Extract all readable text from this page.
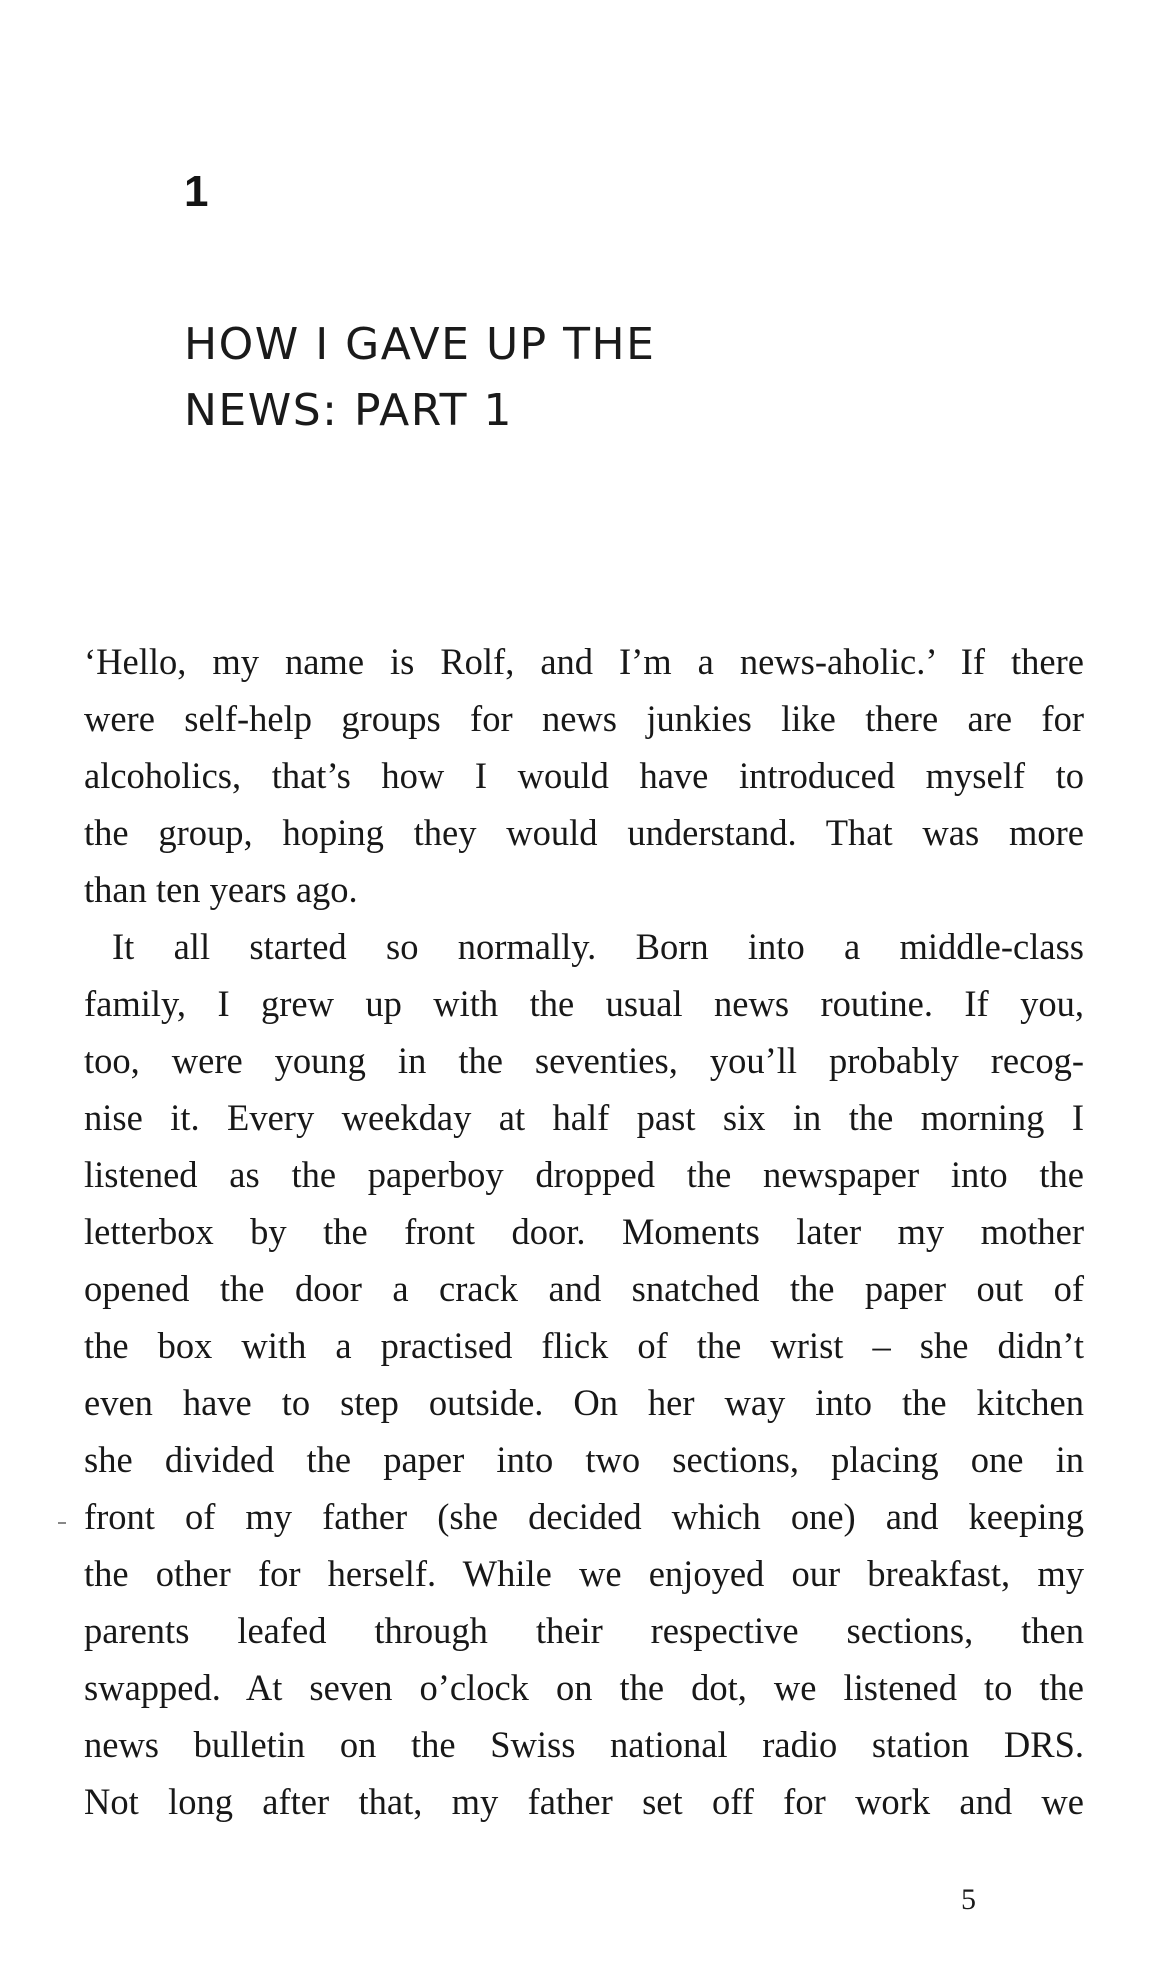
1
HOW I GAVE UP THE
NEWS: PART 1
‘Hello, my name is Rolf, and I’m a news-aholic.’ If there
were self-help groups for news junkies like there are for
alcoholics, that’s how I would have introduced myself to
the group, hoping they would understand. That was more
than ten years ago.
It all started so normally. Born into a middle-class
family, I grew up with the usual news routine. If you,
too, were young in the seventies, you’ll probably recog-
nise it. Every weekday at half past six in the morning I
listened as the paperboy dropped the newspaper into the
letterbox by the front door. Moments later my mother
opened the door a crack and snatched the paper out of
the box with a practised flick of the wrist – she didn’t
even have to step outside. On her way into the kitchen
she divided the paper into two sections, placing one in
front of my father (she decided which one) and keeping
the other for herself. While we enjoyed our breakfast, my
parents leafed through their respective sections, then
swapped. At seven o’clock on the dot, we listened to the
news bulletin on the Swiss national radio station DRS.
Not long after that, my father set off for work and we
5
